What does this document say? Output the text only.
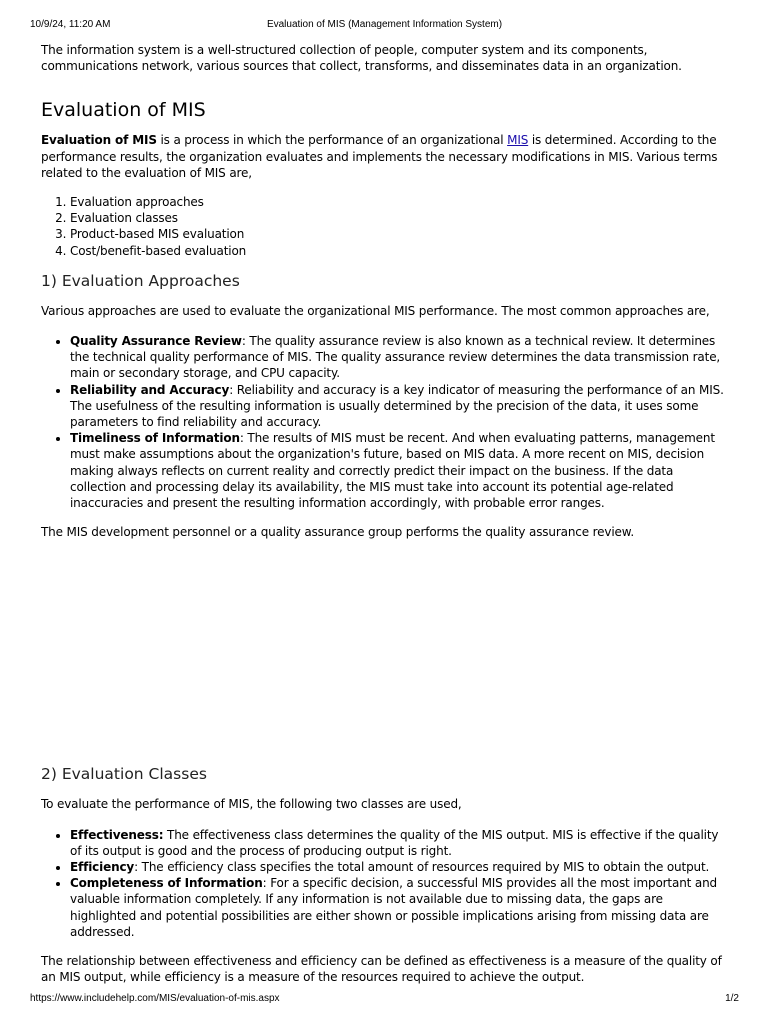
10/9/24, 11:20 AM	Evaluation of MIS (Management Information System)

The information system is a well-structured collection of people, computer system and its components, communications network, various sources that collect, transforms, and disseminates data in an organization.

Evaluation of MIS

Evaluation of MIS is a process in which the performance of an organizational MIS is determined. According to the performance results, the organization evaluates and implements the necessary modifications in MIS. Various terms related to the evaluation of MIS are,

1. Evaluation approaches
2. Evaluation classes
3. Product-based MIS evaluation
4. Cost/benefit-based evaluation
1) Evaluation Approaches

Various approaches are used to evaluate the organizational MIS performance. The most common approaches are,

• Quality Assurance Review: The quality assurance review is also known as a technical review. It determines the technical quality performance of MIS. The quality assurance review determines the data transmission rate, main or secondary storage, and CPU capacity.
• Reliability and Accuracy: Reliability and accuracy is a key indicator of measuring the performance of an MIS. The usefulness of the resulting information is usually determined by the precision of the data, it uses some parameters to find reliability and accuracy.
• Timeliness of Information: The results of MIS must be recent. And when evaluating patterns, management must make assumptions about the organization's future, based on MIS data. A more recent on MIS, decision making always reflects on current reality and correctly predict their impact on the business. If the data collection and processing delay its availability, the MIS must take into account its potential age-related inaccuracies and present the resulting information accordingly, with probable error ranges.

The MIS development personnel or a quality assurance group performs the quality assurance review.

2) Evaluation Classes

To evaluate the performance of MIS, the following two classes are used,

• Effectiveness: The effectiveness class determines the quality of the MIS output. MIS is effective if the quality of its output is good and the process of producing output is right.
• Efficiency: The efficiency class specifies the total amount of resources required by MIS to obtain the output.
• Completeness of Information: For a specific decision, a successful MIS provides all the most important and valuable information completely. If any information is not available due to missing data, the gaps are highlighted and potential possibilities are either shown or possible implications arising from missing data are addressed.

The relationship between effectiveness and efficiency can be defined as effectiveness is a measure of the quality of an MIS output, while efficiency is a measure of the resources required to achieve the output.

https://www.includehelp.com/MIS/evaluation-of-mis.aspx	1/2
